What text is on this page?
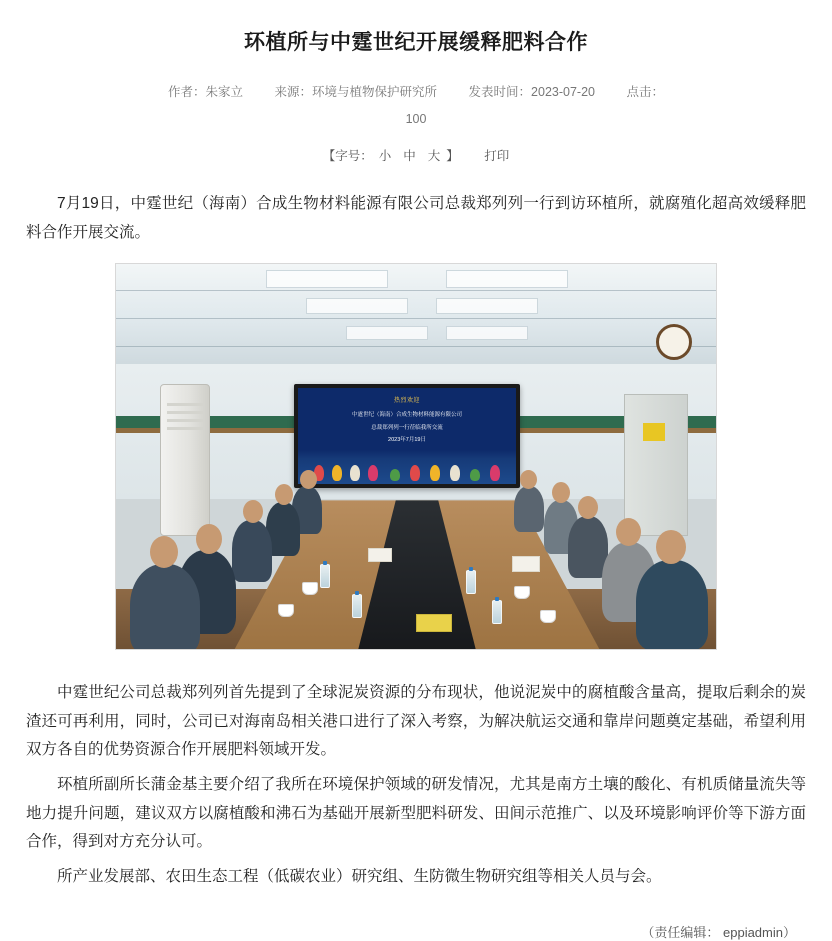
环植所与中霆世纪开展缓释肥料合作
作者：朱家立	来源：环境与植物保护研究所	发表时间：2023-07-20	点击：
100
【字号： 小 中 大 】 打印

7月19日，中霆世纪（海南）合成生物材料能源有限公司总裁郑列列一行到访环植所，就腐殖化超高效缓释肥料合作开展交流。

热烈欢迎
中霆世纪（海南）合成生物材料能源有限公司
总裁郑列列一行莅临我所交流
2023年7月19日

中霆世纪公司总裁郑列列首先提到了全球泥炭资源的分布现状，他说泥炭中的腐植酸含量高，提取后剩余的炭渣还可再利用，同时，公司已对海南岛相关港口进行了深入考察，为解决航运交通和靠岸问题奠定基础，希望利用双方各自的优势资源合作开展肥料领域开发。

环植所副所长蒲金基主要介绍了我所在环境保护领域的研发情况，尤其是南方土壤的酸化、有机质储量流失等地力提升问题，建议双方以腐植酸和沸石为基础开展新型肥料研发、田间示范推广、以及环境影响评价等下游方面合作，得到对方充分认可。

所产业发展部、农田生态工程（低碳农业）研究组、生防微生物研究组等相关人员与会。

（责任编辑： eppiadmin）
